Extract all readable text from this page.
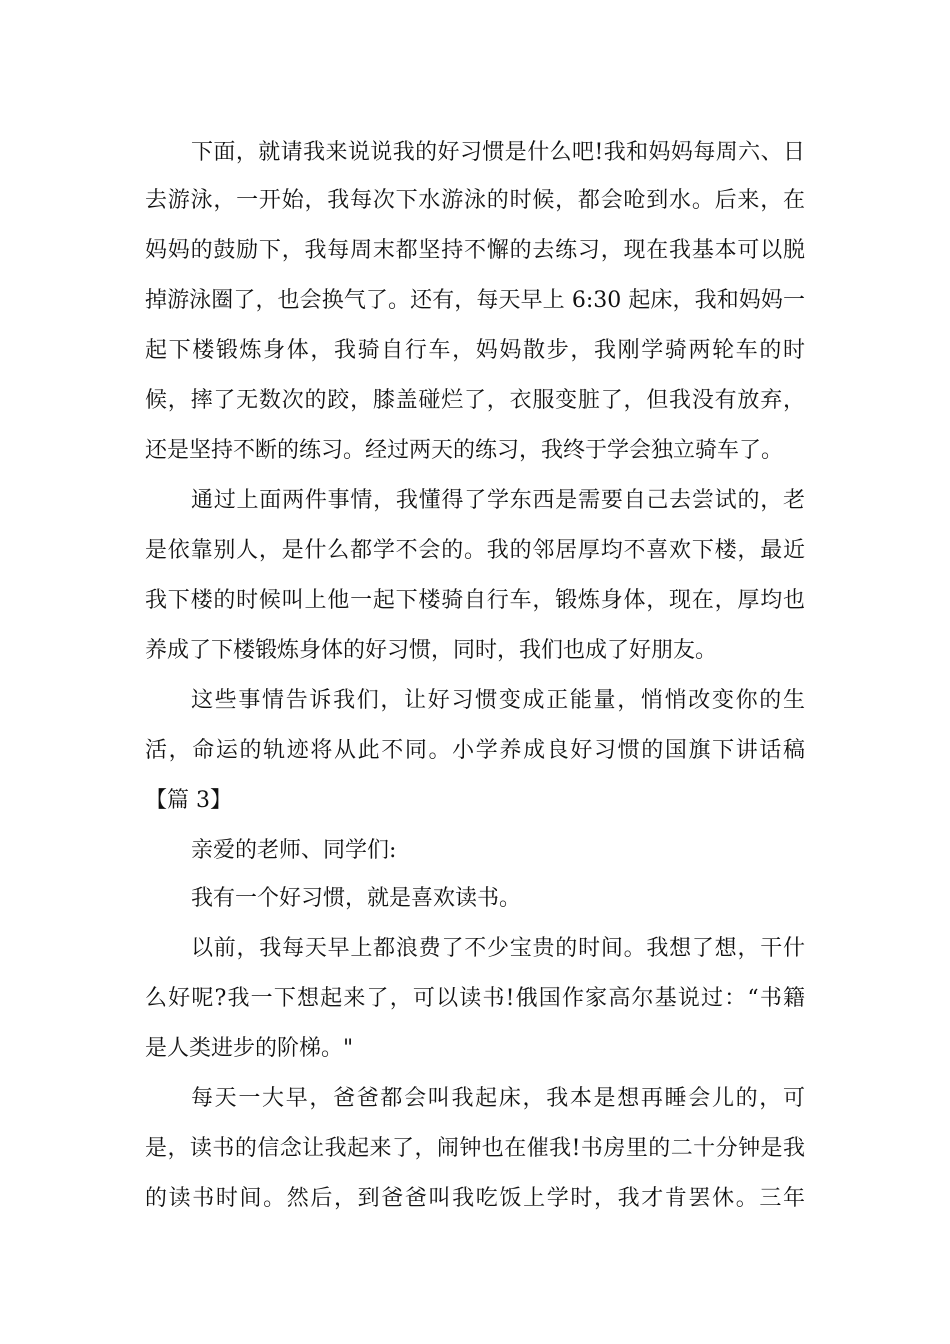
下面，就请我来说说我的好习惯是什么吧!我和妈妈每周六、日
去游泳，一开始，我每次下水游泳的时候，都会呛到水。后来，在
妈妈的鼓励下，我每周末都坚持不懈的去练习，现在我基本可以脱
掉游泳圈了，也会换气了。还有，每天早上 6:30 起床，我和妈妈一
起下楼锻炼身体，我骑自行车，妈妈散步，我刚学骑两轮车的时
候，摔了无数次的跤，膝盖碰烂了，衣服变脏了，但我没有放弃，
还是坚持不断的练习。经过两天的练习，我终于学会独立骑车了。
通过上面两件事情，我懂得了学东西是需要自己去尝试的，老
是依靠别人，是什么都学不会的。我的邻居厚均不喜欢下楼，最近
我下楼的时候叫上他一起下楼骑自行车，锻炼身体，现在，厚均也
养成了下楼锻炼身体的好习惯，同时，我们也成了好朋友。
这些事情告诉我们，让好习惯变成正能量，悄悄改变你的生
活，命运的轨迹将从此不同。小学养成良好习惯的国旗下讲话稿
【篇 3】
亲爱的老师、同学们:
我有一个好习惯，就是喜欢读书。
以前，我每天早上都浪费了不少宝贵的时间。我想了想，干什
么好呢?我一下想起来了，可以读书!俄国作家高尔基说过：“书籍
是人类进步的阶梯。"
每天一大早，爸爸都会叫我起床，我本是想再睡会儿的，可
是，读书的信念让我起来了，闹钟也在催我!书房里的二十分钟是我
的读书时间。然后，到爸爸叫我吃饭上学时，我才肯罢休。三年
